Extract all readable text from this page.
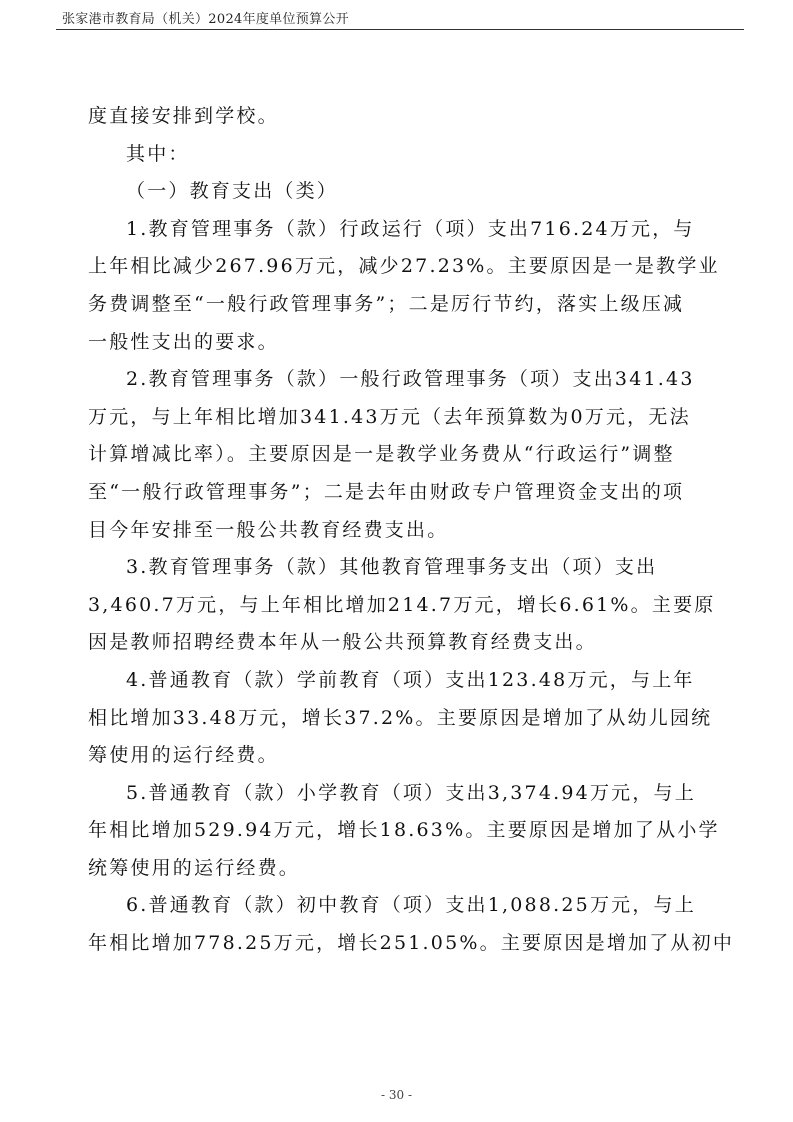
张家港市教育局（机关）2024年度单位预算公开
度直接安排到学校。
其中：
（一）教育支出（类）
1.教育管理事务（款）行政运行（项）支出716.24万元，与
上年相比减少267.96万元，减少27.23%。主要原因是一是教学业
务费调整至“一般行政管理事务”；二是厉行节约，落实上级压减
一般性支出的要求。
2.教育管理事务（款）一般行政管理事务（项）支出341.43
万元，与上年相比增加341.43万元（去年预算数为0万元，无法
计算增减比率）。主要原因是一是教学业务费从“行政运行”调整
至“一般行政管理事务”；二是去年由财政专户管理资金支出的项
目今年安排至一般公共教育经费支出。
3.教育管理事务（款）其他教育管理事务支出（项）支出
3,460.7万元，与上年相比增加214.7万元，增长6.61%。主要原
因是教师招聘经费本年从一般公共预算教育经费支出。
4.普通教育（款）学前教育（项）支出123.48万元，与上年
相比增加33.48万元，增长37.2%。主要原因是增加了从幼儿园统
筹使用的运行经费。
5.普通教育（款）小学教育（项）支出3,374.94万元，与上
年相比增加529.94万元，增长18.63%。主要原因是增加了从小学
统筹使用的运行经费。
6.普通教育（款）初中教育（项）支出1,088.25万元，与上
年相比增加778.25万元，增长251.05%。主要原因是增加了从初中
- 30 -
